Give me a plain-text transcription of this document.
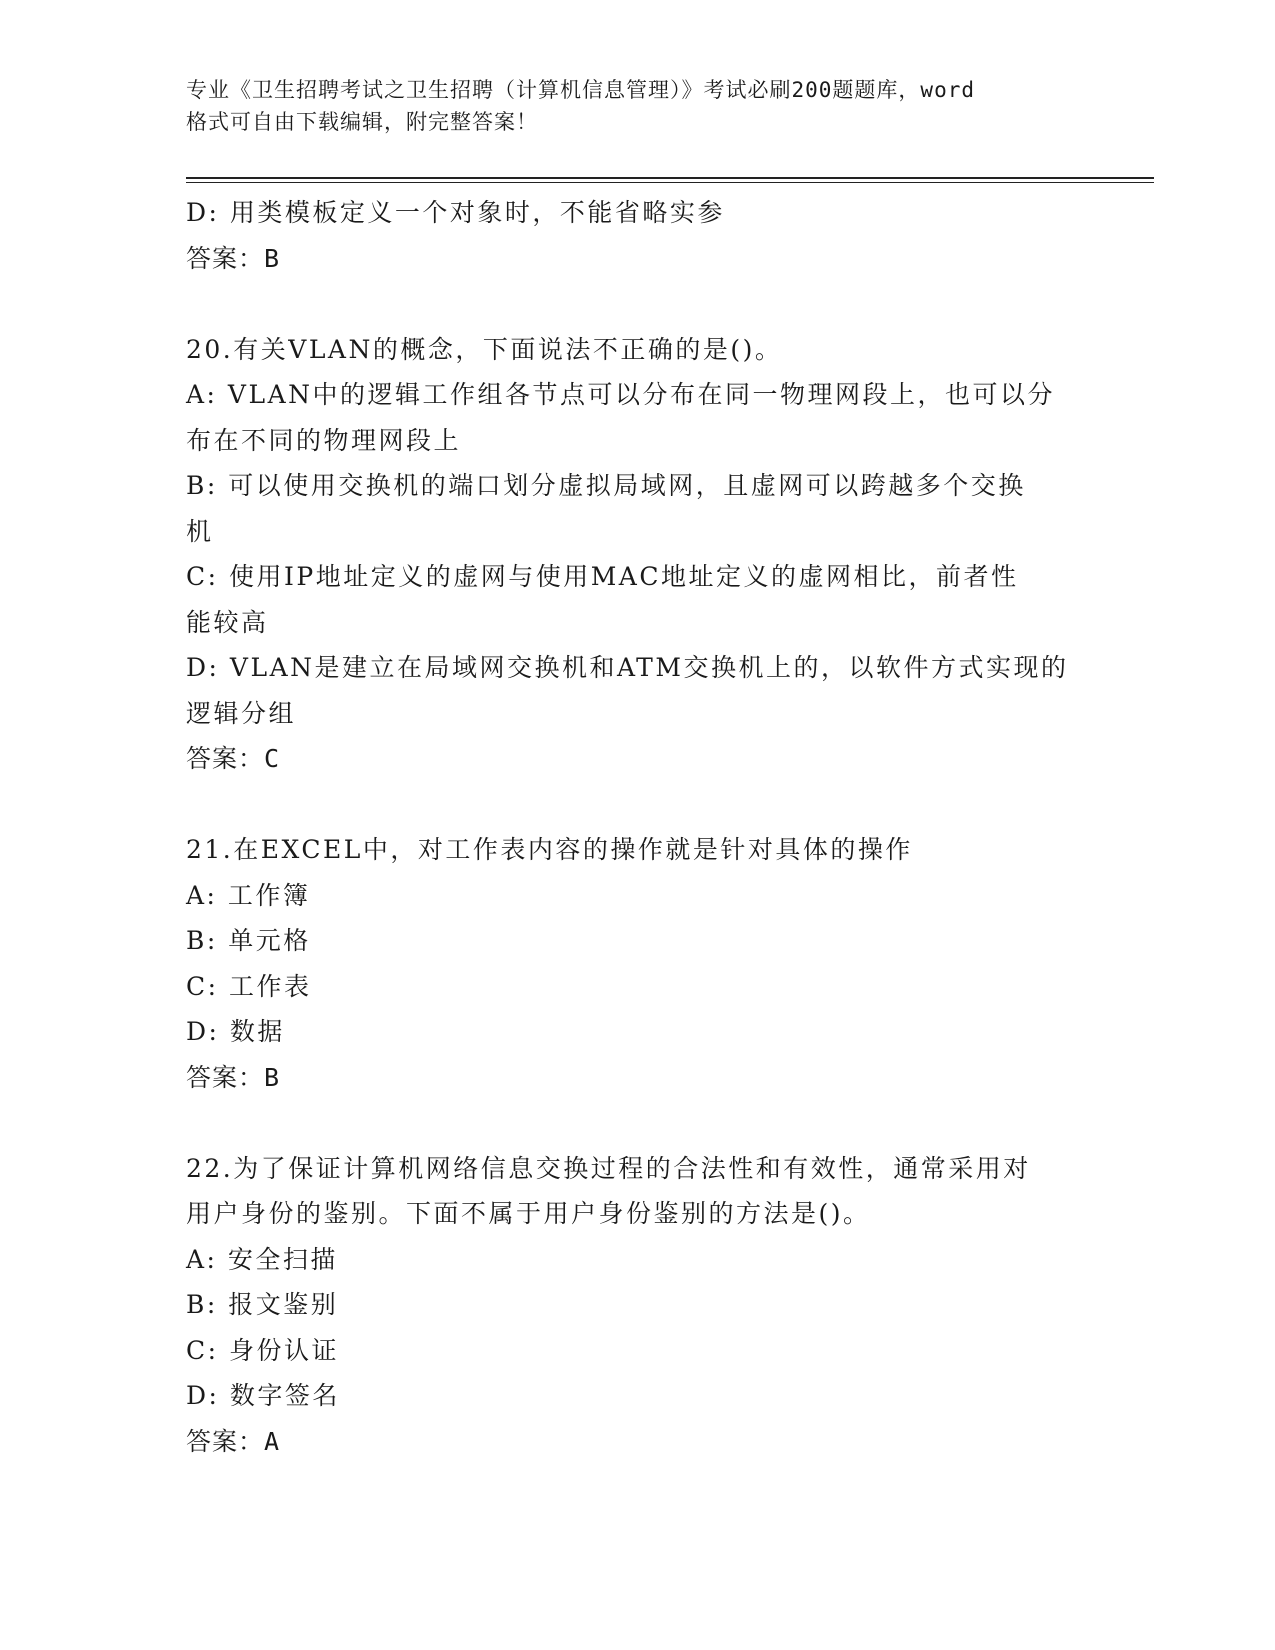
专业《卫生招聘考试之卫生招聘（计算机信息管理）》考试必刷200题题库，word
格式可自由下载编辑，附完整答案！
D: 用类模板定义一个对象时，不能省略实参
答案：B
20.有关VLAN的概念，下面说法不正确的是()。
A: VLAN中的逻辑工作组各节点可以分布在同一物理网段上，也可以分
布在不同的物理网段上
B: 可以使用交换机的端口划分虚拟局域网，且虚网可以跨越多个交换
机
C: 使用IP地址定义的虚网与使用MAC地址定义的虚网相比，前者性
能较高
D: VLAN是建立在局域网交换机和ATM交换机上的，以软件方式实现的
逻辑分组
答案：C
21.在EXCEL中，对工作表内容的操作就是针对具体的操作
A: 工作簿
B: 单元格
C: 工作表
D: 数据
答案：B
22.为了保证计算机网络信息交换过程的合法性和有效性，通常采用对
用户身份的鉴别。下面不属于用户身份鉴别的方法是()。
A: 安全扫描
B: 报文鉴别
C: 身份认证
D: 数字签名
答案：A
